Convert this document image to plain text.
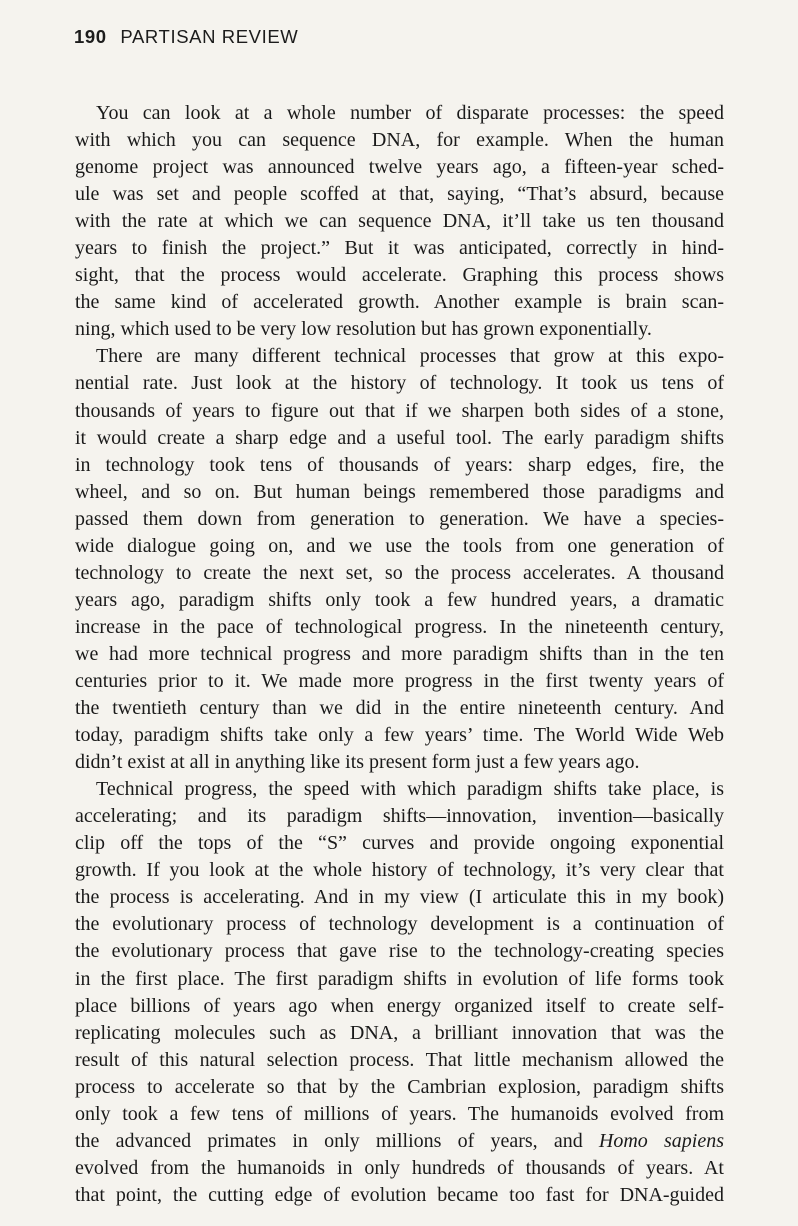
190 PARTISAN REVIEW
You can look at a whole number of disparate processes: the speed
with which you can sequence DNA, for example. When the human
genome project was announced twelve years ago, a fifteen-year sched-
ule was set and people scoffed at that, saying, “That’s absurd, because
with the rate at which we can sequence DNA, it’ll take us ten thousand
years to finish the project.” But it was anticipated, correctly in hind-
sight, that the process would accelerate. Graphing this process shows
the same kind of accelerated growth. Another example is brain scan-
ning, which used to be very low resolution but has grown exponentially.
There are many different technical processes that grow at this expo-
nential rate. Just look at the history of technology. It took us tens of
thousands of years to figure out that if we sharpen both sides of a stone,
it would create a sharp edge and a useful tool. The early paradigm shifts
in technology took tens of thousands of years: sharp edges, fire, the
wheel, and so on. But human beings remembered those paradigms and
passed them down from generation to generation. We have a species-
wide dialogue going on, and we use the tools from one generation of
technology to create the next set, so the process accelerates. A thousand
years ago, paradigm shifts only took a few hundred years, a dramatic
increase in the pace of technological progress. In the nineteenth century,
we had more technical progress and more paradigm shifts than in the ten
centuries prior to it. We made more progress in the first twenty years of
the twentieth century than we did in the entire nineteenth century. And
today, paradigm shifts take only a few years’ time. The World Wide Web
didn’t exist at all in anything like its present form just a few years ago.
Technical progress, the speed with which paradigm shifts take place, is
accelerating; and its paradigm shifts—innovation, invention—basically
clip off the tops of the “S” curves and provide ongoing exponential
growth. If you look at the whole history of technology, it’s very clear that
the process is accelerating. And in my view (I articulate this in my book)
the evolutionary process of technology development is a continuation of
the evolutionary process that gave rise to the technology-creating species
in the first place. The first paradigm shifts in evolution of life forms took
place billions of years ago when energy organized itself to create self-
replicating molecules such as DNA, a brilliant innovation that was the
result of this natural selection process. That little mechanism allowed the
process to accelerate so that by the Cambrian explosion, paradigm shifts
only took a few tens of millions of years. The humanoids evolved from
the advanced primates in only millions of years, and Homo sapiens
evolved from the humanoids in only hundreds of thousands of years. At
that point, the cutting edge of evolution became too fast for DNA-guided
